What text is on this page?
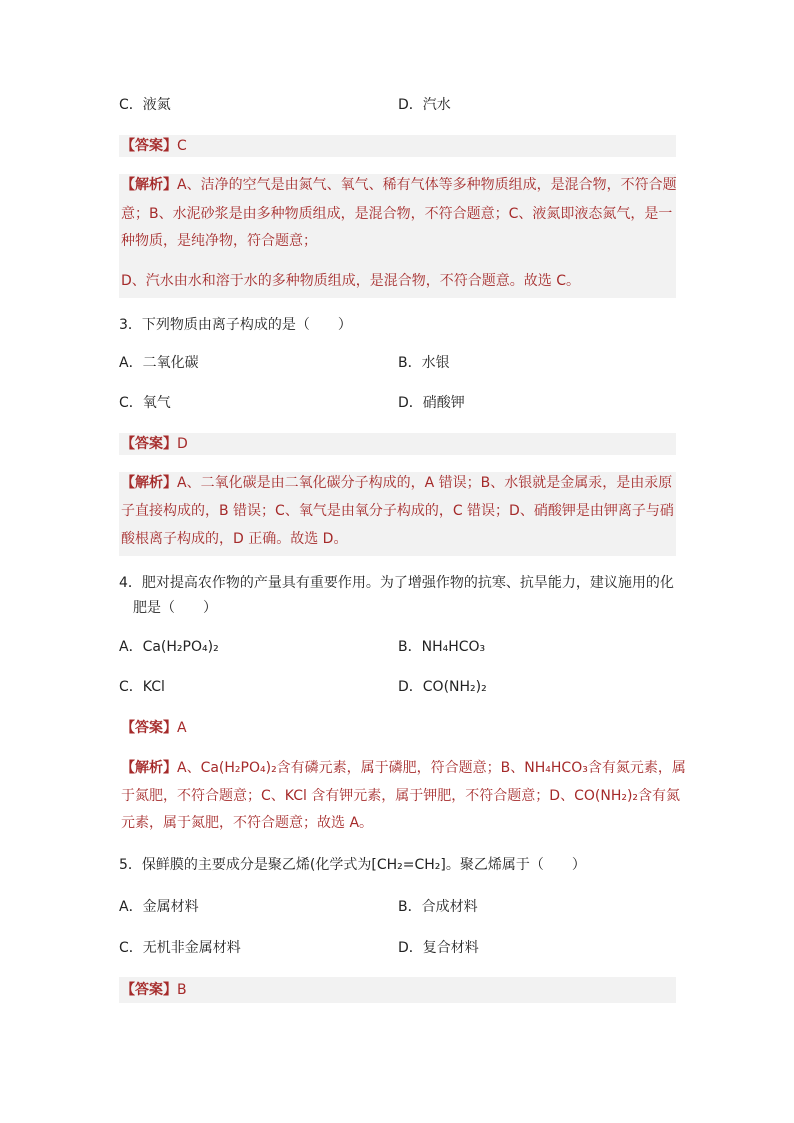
C．液氮	D．汽水
【答案】C
【解析】A、洁净的空气是由氮气、氧气、稀有气体等多种物质组成，是混合物，不符合题
意；B、水泥砂浆是由多种物质组成，是混合物，不符合题意；C、液氮即液态氮气，是一
种物质，是纯净物，符合题意；
D、汽水由水和溶于水的多种物质组成，是混合物，不符合题意。故选 C。
3．下列物质由离子构成的是（　　）
A．二氧化碳	B．水银
C．氧气	D．硝酸钾
【答案】D
【解析】A、二氧化碳是由二氧化碳分子构成的，A 错误；B、水银就是金属汞，是由汞原
子直接构成的，B 错误；C、氧气是由氧分子构成的，C 错误；D、硝酸钾是由钾离子与硝
酸根离子构成的，D 正确。故选 D。
4．肥对提高农作物的产量具有重要作用。为了增强作物的抗寒、抗旱能力，建议施用的化
肥是（　　）
A．Ca(H₂PO₄)₂	B．NH₄HCO₃
C．KCl	D．CO(NH₂)₂
【答案】A
【解析】A、Ca(H₂PO₄)₂含有磷元素，属于磷肥，符合题意；B、NH₄HCO₃含有氮元素，属
于氮肥，不符合题意；C、KCl 含有钾元素，属于钾肥，不符合题意；D、CO(NH₂)₂含有氮
元素，属于氮肥，不符合题意；故选 A。
5．保鲜膜的主要成分是聚乙烯(化学式为[CH₂=CH₂]。聚乙烯属于（　　）
A．金属材料	B．合成材料
C．无机非金属材料	D．复合材料
【答案】B
